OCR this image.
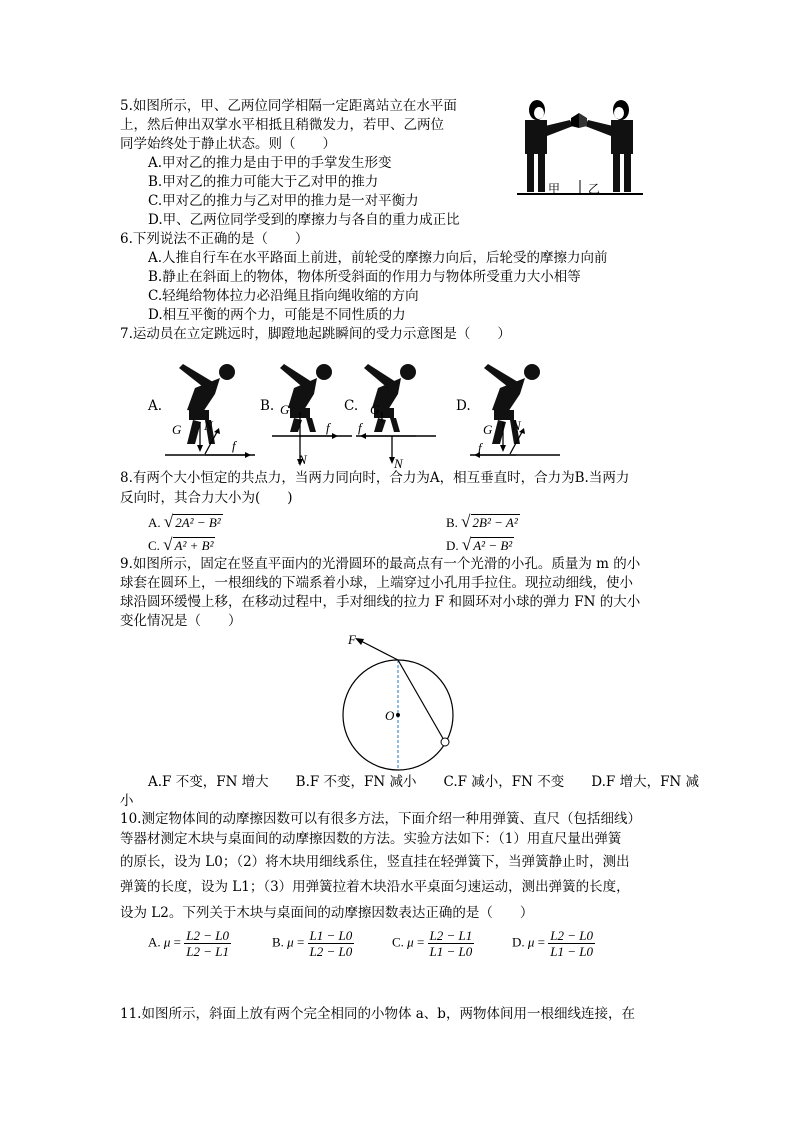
5.如图所示，甲、乙两位同学相隔一定距离站立在水平面
上，然后伸出双掌水平相抵且稍微发力，若甲、乙两位
同学始终处于静止状态。则（　　）
A.甲对乙的推力是由于甲的手掌发生形变
B.甲对乙的推力可能大于乙对甲的推力
C.甲对乙的推力与乙对甲的推力是一对平衡力
D.甲、乙两位同学受到的摩擦力与各自的重力成正比
甲 乙
6.下列说法不正确的是（　　）
A.人推自行车在水平路面上前进，前轮受的摩擦力向后，后轮受的摩擦力向前
B.静止在斜面上的物体，物体所受斜面的作用力与物体所受重力大小相等
C.轻绳给物体拉力必沿绳且指向绳收缩的方向
D.相互平衡的两个力，可能是不同性质的力
7.运动员在立定跳远时，脚蹬地起跳瞬间的受力示意图是（　　）
A.	B.	C.	D.
G N
f
G
f
N
G
f
N
G N
f
8.有两个大小恒定的共点力，当两力同向时，合力为A，相互垂直时，合力为B.当两力
反向时，其合力大小为(　　)
A. √ 2A² − B²	B. √ 2B² − A²
C. √ A² + B²	D. √ A² − B²
9.如图所示，固定在竖直平面内的光滑圆环的最高点有一个光滑的小孔。质量为 m 的小
球套在圆环上，一根细线的下端系着小球，上端穿过小孔用手拉住。现拉动细线，使小
球沿圆环缓慢上移，在移动过程中，手对细线的拉力 F 和圆环对小球的弹力 FN 的大小
变化情况是（　　）
F
O
A.F 不变，FN 增大　　B.F 不变，FN 减小　　C.F 减小，FN 不变　　D.F 增大，FN 减
小
10.测定物体间的动摩擦因数可以有很多方法，下面介绍一种用弹簧、直尺（包括细线）
等器材测定木块与桌面间的动摩擦因数的方法。实验方法如下：（1）用直尺量出弹簧
的原长，设为 L0；（2）将木块用细线系住，竖直挂在轻弹簧下，当弹簧静止时，测出
弹簧的长度，设为 L1；（3）用弹簧拉着木块沿水平桌面匀速运动，测出弹簧的长度，
设为 L2。下列关于木块与桌面间的动摩擦因数表达正确的是（　　）
A. $\mu = \frac{L2 - L0}{L2 - L1}$	B. $\mu = \frac{L1 - L0}{L2 - L0}$	C. $\mu = \frac{L2 - L1}{L1 - L0}$	D. $\mu = \frac{L2 - L0}{L1 - L0}$
11.如图所示，斜面上放有两个完全相同的小物体 a、b，两物体间用一根细线连接，在
